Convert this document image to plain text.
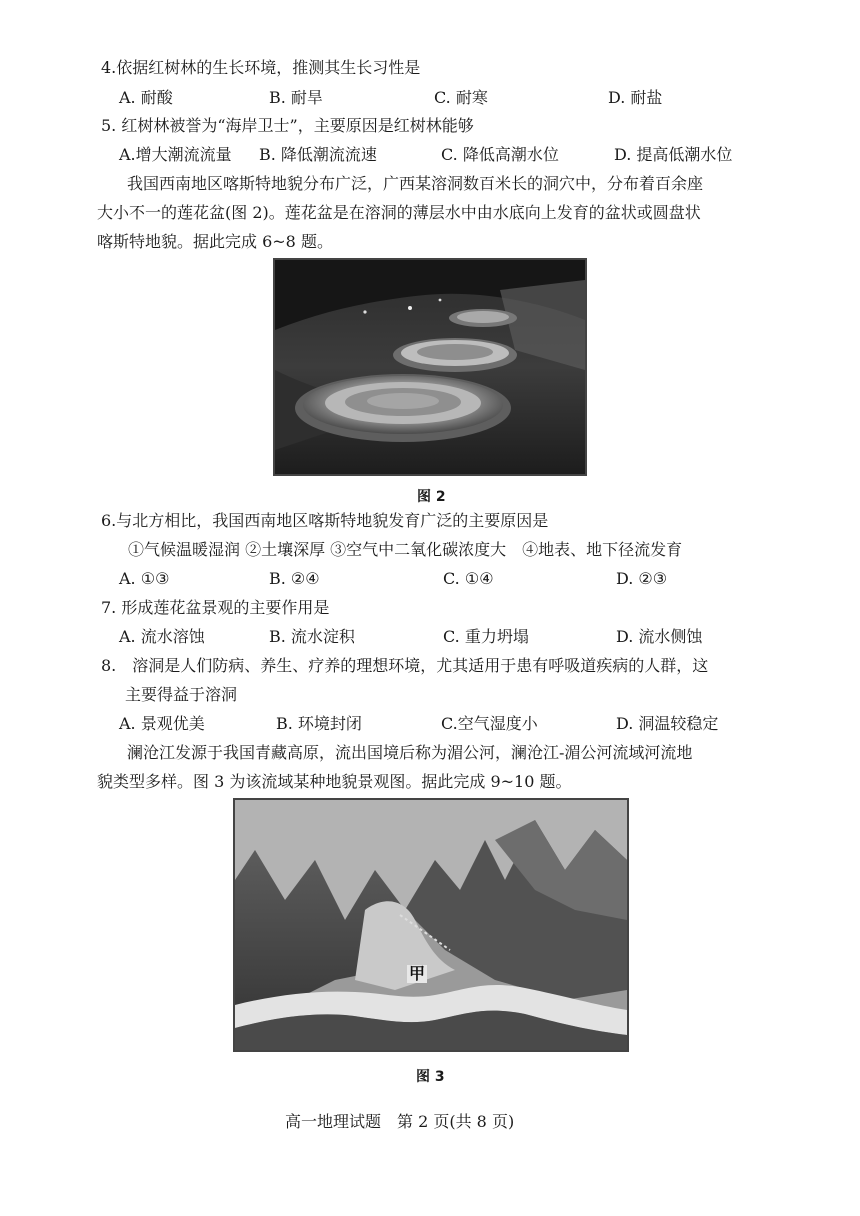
4.依据红树林的生长环境，推测其生长习性是
A. 耐酸	B. 耐旱	C. 耐寒	D. 耐盐
5. 红树林被誉为“海岸卫士”，主要原因是红树林能够
A.增大潮流流量 B. 降低潮流流速	C. 降低高潮水位	D. 提高低潮水位
我国西南地区喀斯特地貌分布广泛，广西某溶洞数百米长的洞穴中，分布着百余座
大小不一的莲花盆(图 2)。莲花盆是在溶洞的薄层水中由水底向上发育的盆状或圆盘状
喀斯特地貌。据此完成 6~8 题。
图 2
6.与北方相比，我国西南地区喀斯特地貌发育广泛的主要原因是
①气候温暖湿润 ②土壤深厚 ③空气中二氧化碳浓度大　④地表、地下径流发育
A. ①③	B. ②④	C. ①④	D. ②③
7. 形成莲花盆景观的主要作用是
A. 流水溶蚀	B. 流水淀积	C. 重力坍塌	D. 流水侧蚀
8.　溶洞是人们防病、养生、疗养的理想环境，尤其适用于患有呼吸道疾病的人群，这
主要得益于溶洞
A. 景观优美	B. 环境封闭	C.空气湿度小	D. 洞温较稳定
澜沧江发源于我国青藏高原，流出国境后称为湄公河，澜沧江-湄公河流域河流地
貌类型多样。图 3 为该流域某种地貌景观图。据此完成 9~10 题。
甲
图 3
高一地理试题　第 2 页(共 8 页)
